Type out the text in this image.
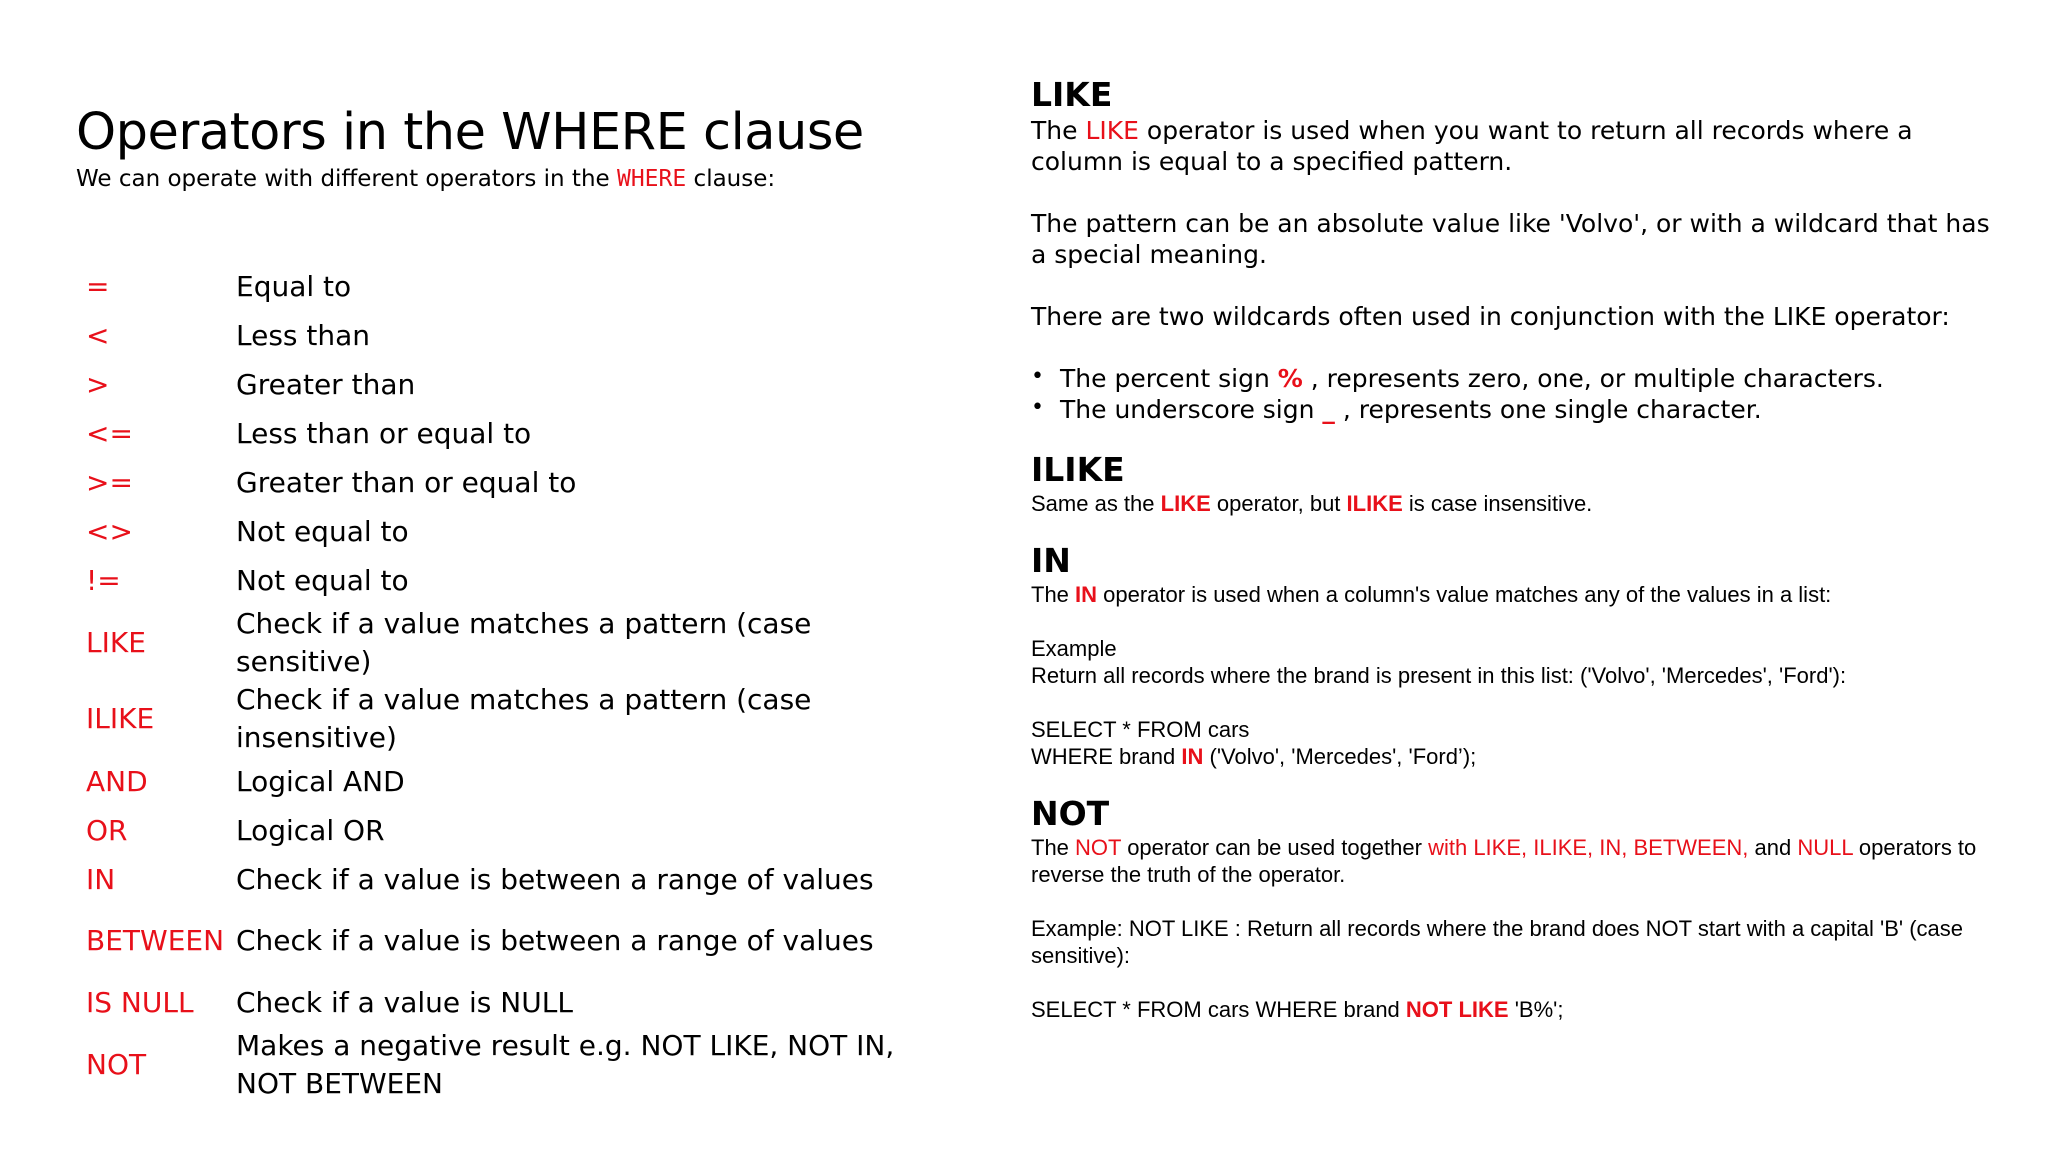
Operators in the WHERE clause

We can operate with different operators in the WHERE clause:

=	Equal to
<	Less than
>	Greater than
<=	Less than or equal to
>=	Greater than or equal to
<>	Not equal to
!=	Not equal to
LIKE	Check if a value matches a pattern (case sensitive)
ILIKE	Check if a value matches a pattern (case insensitive)
AND	Logical AND
OR	Logical OR
IN	Check if a value is between a range of values
BETWEEN	Check if a value is between a range of values
IS NULL	Check if a value is NULL
NOT	Makes a negative result e.g. NOT LIKE, NOT IN, NOT BETWEEN
LIKE

The LIKE operator is used when you want to return all records where a column is equal to a specified pattern.

The pattern can be an absolute value like 'Volvo', or with a wildcard that has a special meaning.

There are two wildcards often used in conjunction with the LIKE operator:

• The percent sign % , represents zero, one, or multiple characters.
• The underscore sign _ , represents one single character.
ILIKE

Same as the LIKE operator, but ILIKE is case insensitive.

IN

The IN operator is used when a column's value matches any of the values in a list:

Example

Return all records where the brand is present in this list: ('Volvo', 'Mercedes', 'Ford'):

SELECT * FROM cars

WHERE brand IN ('Volvo', 'Mercedes', 'Ford’);

NOT

The NOT operator can be used together with LIKE, ILIKE, IN, BETWEEN, and NULL operators to reverse the truth of the operator.

Example: NOT LIKE : Return all records where the brand does NOT start with a capital 'B' (case sensitive):

SELECT * FROM cars WHERE brand NOT LIKE 'B%';
